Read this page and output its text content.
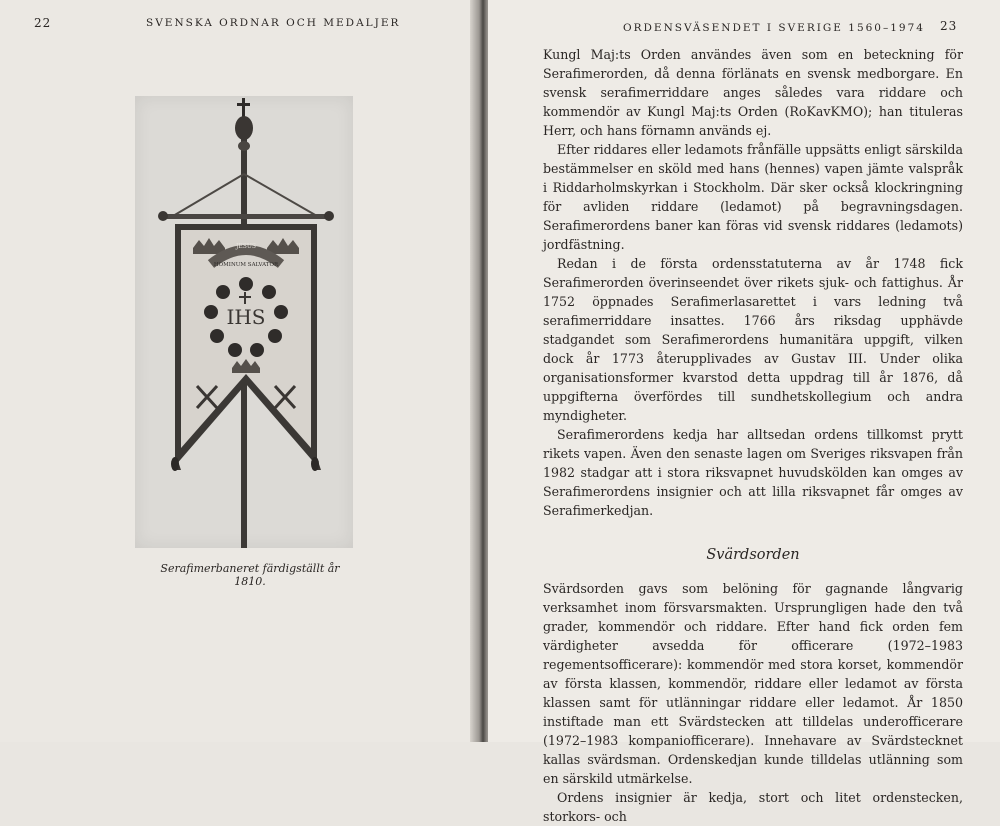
22	SVENSKA ORDNAR OCH MEDALJER
JESUS
HOMINUM SALVATOR
IHS
Serafimerbaneret färdigställt år 1810.
ORDENSVÄSENDET I SVERIGE 1560–1974 23

Kungl Maj:ts Orden användes även som en beteckning för Serafimerorden, då denna förlänats en svensk medborgare. En svensk serafimerriddare anges således vara riddare och kommendör av Kungl Maj:ts Orden (RoKavKMO); han tituleras Herr, och hans förnamn används ej.

Efter riddares eller ledamots frånfälle uppsätts enligt särskilda bestämmelser en sköld med hans (hennes) vapen jämte valspråk i Riddarholmskyrkan i Stockholm. Där sker också klockringning för avliden riddare (ledamot) på begravningsdagen. Serafimerordens baner kan föras vid svensk riddares (ledamots) jordfästning.

Redan i de första ordensstatuterna av år 1748 fick Serafimerorden överinseendet över rikets sjuk- och fattighus. År 1752 öppnades Serafimerlasarettet i vars ledning två serafimerriddare insattes. 1766 års riksdag upphävde stadgandet som Serafimerordens humanitära uppgift, vilken dock år 1773 återupplivades av Gustav III. Under olika organisationsformer kvarstod detta uppdrag till år 1876, då uppgifterna överfördes till sundhetskollegium och andra myndigheter.

Serafimerordens kedja har alltsedan ordens tillkomst prytt rikets vapen. Även den senaste lagen om Sveriges riksvapen från 1982 stadgar att i stora riksvapnet huvudskölden kan omges av Serafimerordens insignier och att lilla riksvapnet får omges av Serafimerkedjan.

Svärdsorden

Svärdsorden gavs som belöning för gagnande långvarig verksamhet inom försvarsmakten. Ursprungligen hade den två grader, kommendör och riddare. Efter hand fick orden fem värdigheter avsedda för officerare (1972–1983 regementsofficerare): kommendör med stora korset, kommendör av första klassen, kommendör, riddare eller ledamot av första klassen samt för utlänningar riddare eller ledamot. År 1850 instiftade man ett Svärdstecken att tilldelas underofficerare (1972–1983 kompaniofficerare). Innehavare av Svärdstecknet kallas svärdsman. Ordenskedjan kunde tilldelas utlänning som en särskild utmärkelse.

Ordens insignier är kedja, stort och litet ordenstecken, storkors- och
